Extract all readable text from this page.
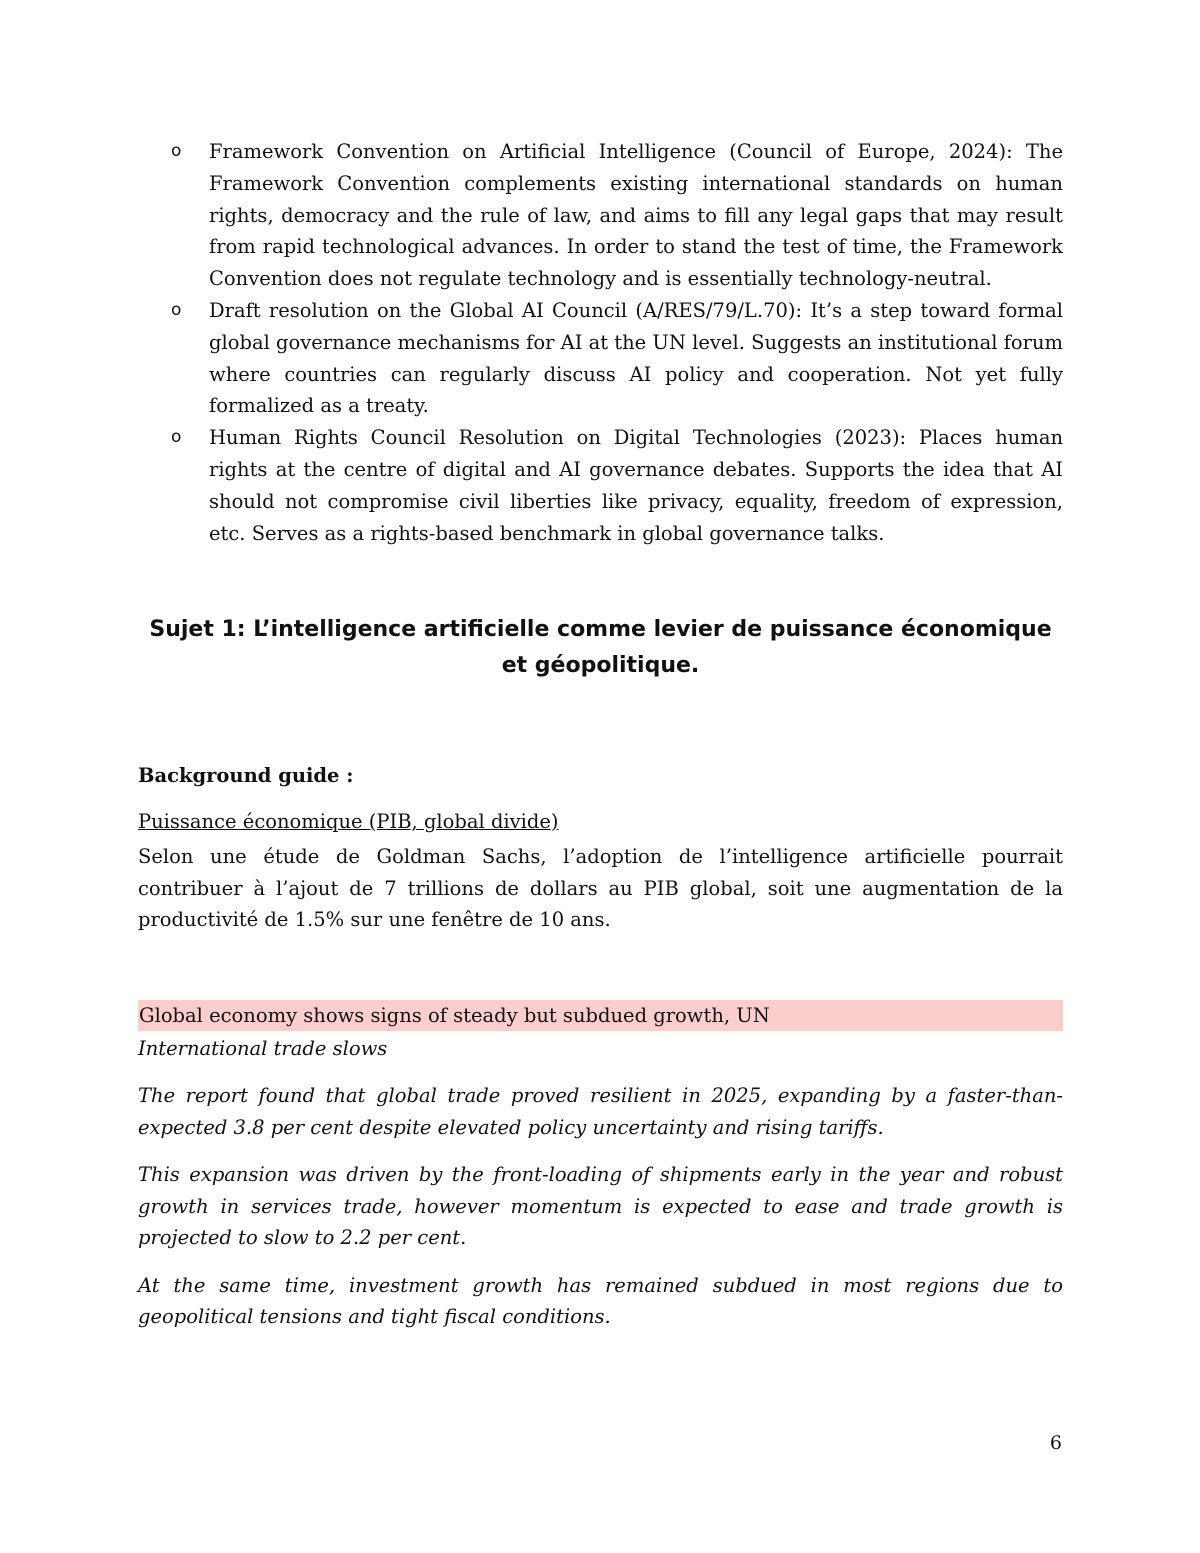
o Framework Convention on Artificial Intelligence (Council of Europe, 2024): The Framework Convention complements existing international standards on human rights, democracy and the rule of law, and aims to fill any legal gaps that may result from rapid technological advances. In order to stand the test of time, the Framework Convention does not regulate technology and is essentially technology-neutral.
o Draft resolution on the Global AI Council (A/RES/79/L.70): It’s a step toward formal global governance mechanisms for AI at the UN level. Suggests an institutional forum where countries can regularly discuss AI policy and cooperation. Not yet fully formalized as a treaty.
o Human Rights Council Resolution on Digital Technologies (2023): Places human rights at the centre of digital and AI governance debates. Supports the idea that AI should not compromise civil liberties like privacy, equality, freedom of expression, etc. Serves as a rights-based benchmark in global governance talks.
Sujet 1: L’intelligence artificielle comme levier de puissance économique et géopolitique.

Background guide :

Puissance économique (PIB, global divide)

Selon une étude de Goldman Sachs, l’adoption de l’intelligence artificielle pourrait contribuer à l’ajout de 7 trillions de dollars au PIB global, soit une augmentation de la productivité de 1.5% sur une fenêtre de 10 ans.

Global economy shows signs of steady but subdued growth, UN

International trade slows

The report found that global trade proved resilient in 2025, expanding by a faster-than-expected 3.8 per cent despite elevated policy uncertainty and rising tariffs.

This expansion was driven by the front-loading of shipments early in the year and robust growth in services trade, however momentum is expected to ease and trade growth is projected to slow to 2.2 per cent.

At the same time, investment growth has remained subdued in most regions due to geopolitical tensions and tight fiscal conditions.

6
